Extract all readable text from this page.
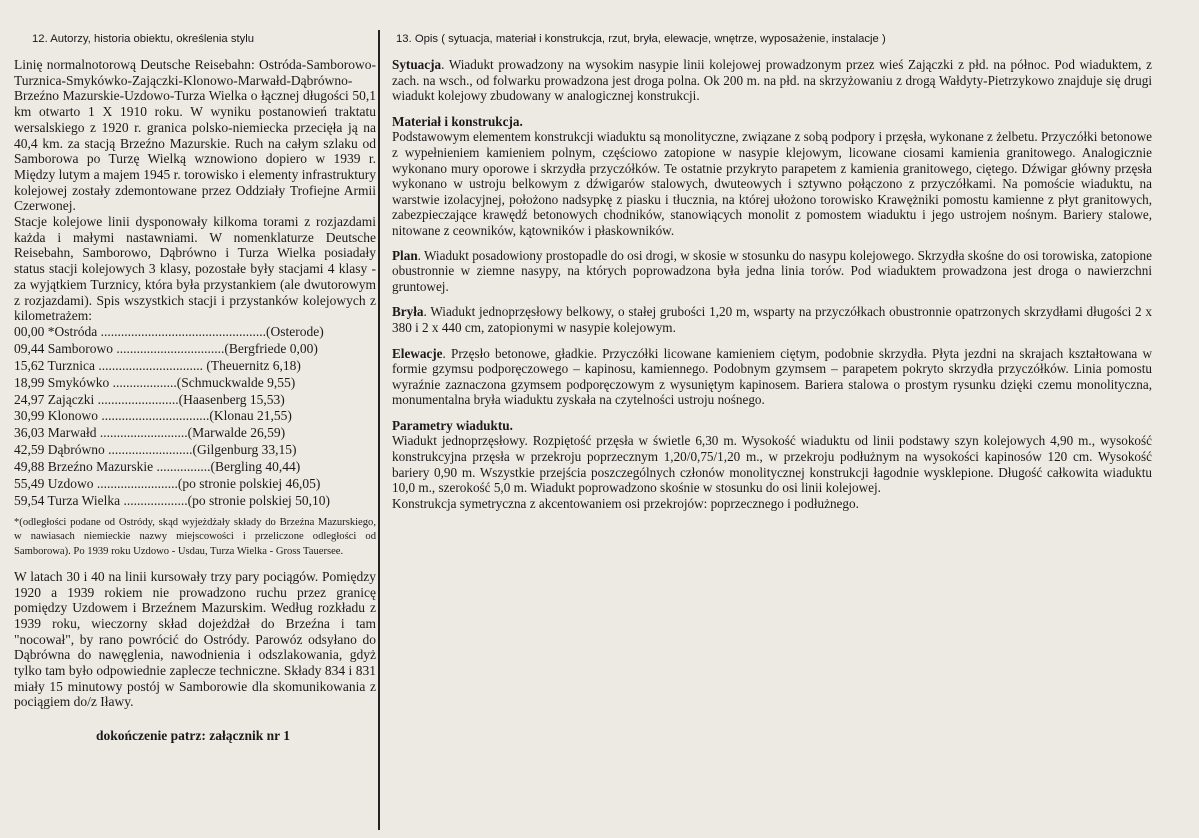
12. Autorzy, historia obiektu, określenia stylu

Linię normalnotorową Deutsche Reisebahn: Ostróda-Samborowo-Turznica-Smykówko-Zajączki-Klonowo-Marwałd-Dąbrówno-Brzeźno Mazurskie-Uzdowo-Turza Wielka o łącznej długości 50,1 km otwarto 1 X 1910 roku. W wyniku postanowień traktatu wersalskiego z 1920 r. granica polsko-niemiecka przecięła ją na 40,4 km. za stacją Brzeźno Mazurskie. Ruch na całym szlaku od Samborowa po Turzę Wielką wznowiono dopiero w 1939 r. Między lutym a majem 1945 r. torowisko i elementy infrastruktury kolejowej zostały zdemontowane przez Oddziały Trofiejne Armii Czerwonej.

Stacje kolejowe linii dysponowały kilkoma torami z rozjazdami każda i małymi nastawniami. W nomenklaturze Deutsche Reisebahn, Samborowo, Dąbrówno i Turza Wielka posiadały status stacji kolejowych 3 klasy, pozostałe były stacjami 4 klasy - za wyjątkiem Turznicy, która była przystankiem (ale dwutorowym z rozjazdami). Spis wszystkich stacji i przystanków kolejowych z kilometrażem:

00,00 *Ostróda .................................................(Osterode)
09,44 Samborowo ................................(Bergfriede 0,00)
15,62 Turznica ............................... (Theuernitz 6,18)
18,99 Smykówko ...................(Schmuckwalde 9,55)
24,97 Zajączki ........................(Haasenberg 15,53)
30,99 Klonowo ................................(Klonau 21,55)
36,03 Marwałd ..........................(Marwalde 26,59)
42,59 Dąbrówno .........................(Gilgenburg 33,15)
49,88 Brzeźno Mazurskie ................(Bergling 40,44)
55,49 Uzdowo ........................(po stronie polskiej 46,05)
59,54 Turza Wielka ...................(po stronie polskiej 50,10)

*(odległości podane od Ostródy, skąd wyjeżdżały składy do Brzeźna Mazurskiego, w nawiasach niemieckie nazwy miejscowości i przeliczone odległości od Samborowa). Po 1939 roku Uzdowo - Usdau, Turza Wielka - Gross Tauersee.

W latach 30 i 40 na linii kursowały trzy pary pociągów. Pomiędzy 1920 a 1939 rokiem nie prowadzono ruchu przez granicę pomiędzy Uzdowem i Brzeźnem Mazurskim. Według rozkładu z 1939 roku, wieczorny skład dojeżdżał do Brzeźna i tam "nocował", by rano powrócić do Ostródy. Parowóz odsyłano do Dąbrówna do nawęglenia, nawodnienia i odszlakowania, gdyż tylko tam było odpowiednie zaplecze techniczne. Składy 834 i 831 miały 15 minutowy postój w Samborowie dla skomunikowania z pociągiem do/z Iławy.

dokończenie patrz: załącznik nr 1

13. Opis ( sytuacja, materiał i konstrukcja, rzut, bryła, elewacje, wnętrze, wyposażenie, instalacje )

Sytuacja. Wiadukt prowadzony na wysokim nasypie linii kolejowej prowadzonym przez wieś Zajączki z płd. na północ. Pod wiaduktem, z zach. na wsch., od folwarku prowadzona jest droga polna. Ok 200 m. na płd. na skrzyżowaniu z drogą Wałdyty-Pietrzykowo znajduje się drugi wiadukt kolejowy zbudowany w analogicznej konstrukcji.

Materiał i konstrukcja.

Podstawowym elementem konstrukcji wiaduktu są monolityczne, związane z sobą podpory i przęsła, wykonane z żelbetu. Przyczółki betonowe z wypełnieniem kamieniem polnym, częściowo zatopione w nasypie klejowym, licowane ciosami kamienia granitowego. Analogicznie wykonano mury oporowe i skrzydła przyczółków. Te ostatnie przykryto parapetem z kamienia granitowego, ciętego. Dźwigar główny przęsła wykonano w ustroju belkowym z dźwigarów stalowych, dwuteowych i sztywno połączono z przyczółkami. Na pomoście wiaduktu, na warstwie izolacyjnej, położono nadsypkę z piasku i tłucznia, na której ułożono torowisko Krawężniki pomostu kamienne z płyt granitowych, zabezpieczające krawędź betonowych chodników, stanowiących monolit z pomostem wiaduktu i jego ustrojem nośnym. Bariery stalowe, nitowane z ceowników, kątowników i płaskowników.

Plan. Wiadukt posadowiony prostopadle do osi drogi, w skosie w stosunku do nasypu kolejowego. Skrzydła skośne do osi torowiska, zatopione obustronnie w ziemne nasypy, na których poprowadzona była jedna linia torów. Pod wiaduktem prowadzona jest droga o nawierzchni gruntowej.

Bryła. Wiadukt jednoprzęsłowy belkowy, o stałej grubości 1,20 m, wsparty na przyczółkach obustronnie opatrzonych skrzydłami długości 2 x 380 i 2 x 440 cm, zatopionymi w nasypie kolejowym.

Elewacje. Przęsło betonowe, gładkie. Przyczółki licowane kamieniem ciętym, podobnie skrzydła. Płyta jezdni na skrajach kształtowana w formie gzymsu podporęczowego – kapinosu, kamiennego. Podobnym gzymsem – parapetem pokryto skrzydła przyczółków. Linia pomostu wyraźnie zaznaczona gzymsem podporęczowym z wysuniętym kapinosem. Bariera stalowa o prostym rysunku dzięki czemu monolityczna, monumentalna bryła wiaduktu zyskała na czytelności ustroju nośnego.

Parametry wiaduktu.

Wiadukt jednoprzęsłowy. Rozpiętość przęsła w świetle 6,30 m. Wysokość wiaduktu od linii podstawy szyn kolejowych 4,90 m., wysokość konstrukcyjna przęsła w przekroju poprzecznym 1,20/0,75/1,20 m., w przekroju podłużnym na wysokości kapinosów 120 cm. Wysokość bariery 0,90 m. Wszystkie przejścia poszczególnych członów monolitycznej konstrukcji łagodnie wysklepione. Długość całkowita wiaduktu 10,0 m., szerokość 5,0 m. Wiadukt poprowadzono skośnie w stosunku do osi linii kolejowej.

Konstrukcja symetryczna z akcentowaniem osi przekrojów: poprzecznego i podłużnego.
